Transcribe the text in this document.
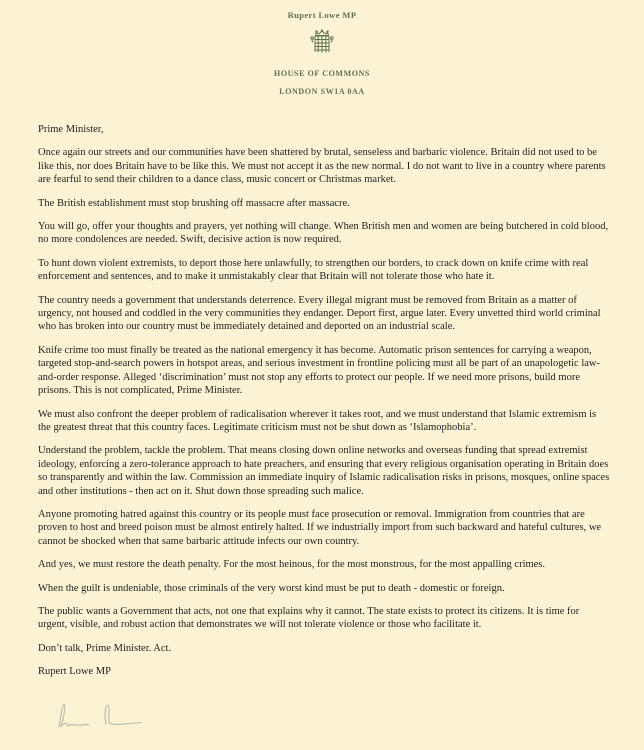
Rupert Lowe MP
HOUSE OF COMMONS
LONDON SW1A 0AA

Prime Minister,

Once again our streets and our communities have been shattered by brutal, senseless and barbaric violence. Britain did not used to be like this, nor does Britain have to be like this. We must not accept it as the new normal. I do not want to live in a country where parents are fearful to send their children to a dance class, music concert or Christmas market.

The British establishment must stop brushing off massacre after massacre.

You will go, offer your thoughts and prayers, yet nothing will change. When British men and women are being butchered in cold blood, no more condolences are needed. Swift, decisive action is now required.

To hunt down violent extremists, to deport those here unlawfully, to strengthen our borders, to crack down on knife crime with real enforcement and sentences, and to make it unmistakably clear that Britain will not tolerate those who hate it.

The country needs a government that understands deterrence. Every illegal migrant must be removed from Britain as a matter of urgency, not housed and coddled in the very communities they endanger. Deport first, argue later. Every unvetted third world criminal who has broken into our country must be immediately detained and deported on an industrial scale.

Knife crime too must finally be treated as the national emergency it has become. Automatic prison sentences for carrying a weapon, targeted stop-and-search powers in hotspot areas, and serious investment in frontline policing must all be part of an unapologetic law-and-order response. Alleged ‘discrimination’ must not stop any efforts to protect our people. If we need more prisons, build more prisons. This is not complicated, Prime Minister.

We must also confront the deeper problem of radicalisation wherever it takes root, and we must understand that Islamic extremism is the greatest threat that this country faces. Legitimate criticism must not be shut down as ‘Islamophobia’.

Understand the problem, tackle the problem. That means closing down online networks and overseas funding that spread extremist ideology, enforcing a zero-tolerance approach to hate preachers, and ensuring that every religious organisation operating in Britain does so transparently and within the law. Commission an immediate inquiry of Islamic radicalisation risks in prisons, mosques, online spaces and other institutions - then act on it. Shut down those spreading such malice.

Anyone promoting hatred against this country or its people must face prosecution or removal. Immigration from countries that are proven to host and breed poison must be almost entirely halted. If we industrially import from such backward and hateful cultures, we cannot be shocked when that same barbaric attitude infects our own country.

And yes, we must restore the death penalty. For the most heinous, for the most monstrous, for the most appalling crimes.

When the guilt is undeniable, those criminals of the very worst kind must be put to death - domestic or foreign.

The public wants a Government that acts, not one that explains why it cannot. The state exists to protect its citizens. It is time for urgent, visible, and robust action that demonstrates we will not tolerate violence or those who facilitate it.

Don’t talk, Prime Minister. Act.

Rupert Lowe MP
